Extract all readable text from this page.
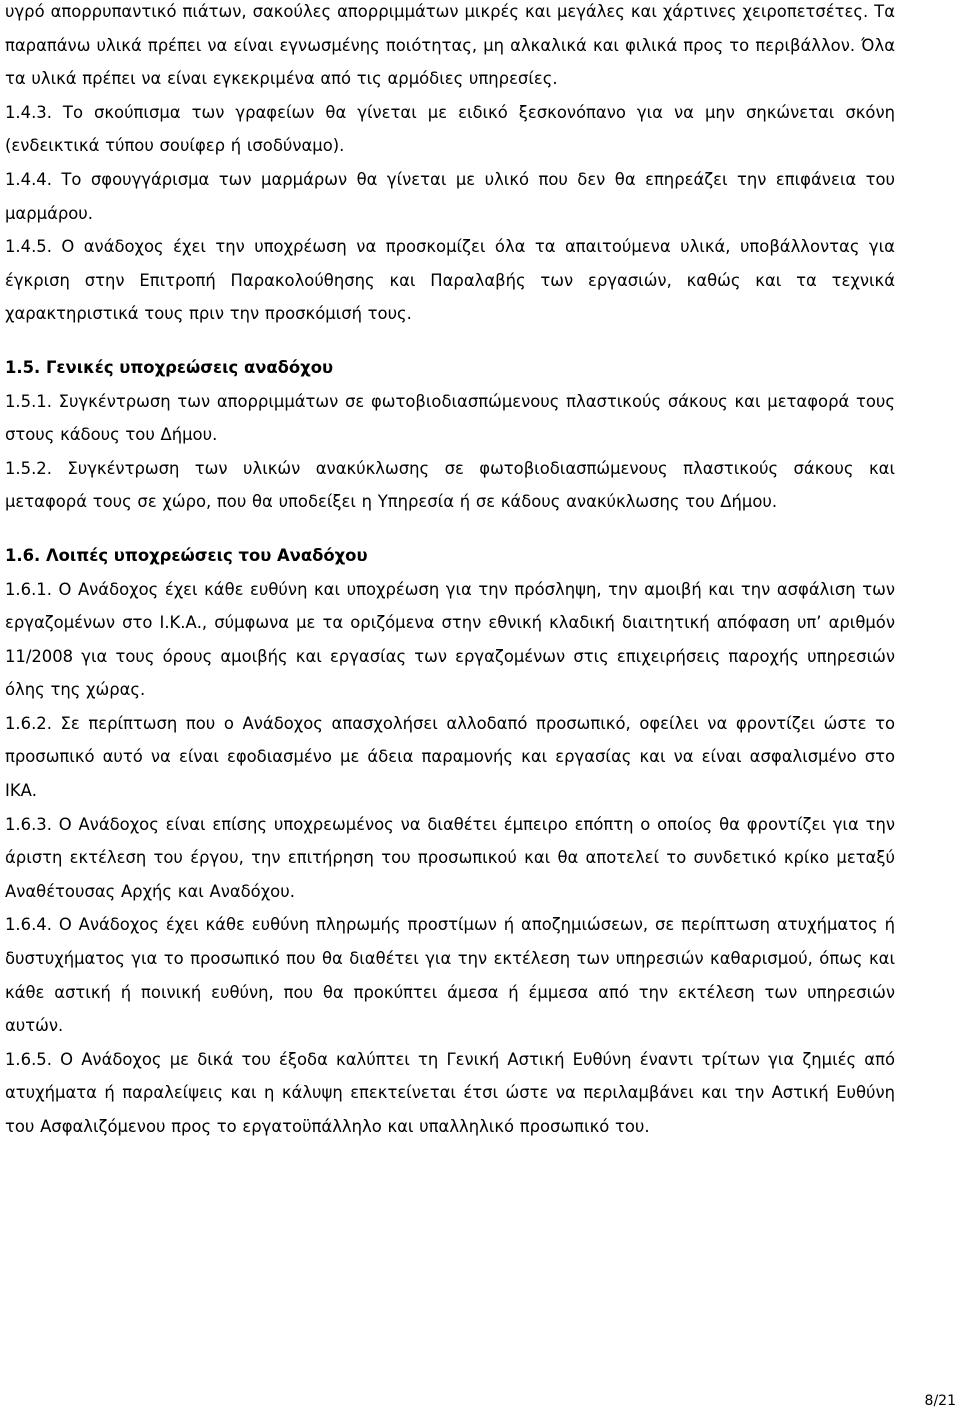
υγρό απορρυπαντικό πιάτων, σακούλες απορριμμάτων μικρές και μεγάλες και χάρτινες χειροπετσέτες. Τα παραπάνω υλικά πρέπει να είναι εγνωσμένης ποιότητας, μη αλκαλικά και φιλικά προς το περιβάλλον. Όλα τα υλικά πρέπει να είναι εγκεκριμένα από τις αρμόδιες υπηρεσίες.

1.4.3. Το σκούπισμα των γραφείων θα γίνεται με ειδικό ξεσκονόπανο για να μην σηκώνεται σκόνη (ενδεικτικά τύπου σουίφερ ή ισοδύναμο).

1.4.4. Το σφουγγάρισμα των μαρμάρων θα γίνεται με υλικό που δεν θα επηρεάζει την επιφάνεια του μαρμάρου.

1.4.5. Ο ανάδοχος έχει την υποχρέωση να προσκομίζει όλα τα απαιτούμενα υλικά, υποβάλλοντας για έγκριση στην Επιτροπή Παρακολούθησης και Παραλαβής των εργασιών, καθώς και τα τεχνικά χαρακτηριστικά τους πριν την προσκόμισή τους.

1.5. Γενικές υποχρεώσεις αναδόχου

1.5.1. Συγκέντρωση των απορριμμάτων σε φωτοβιοδιασπώμενους πλαστικούς σάκους και μεταφορά τους στους κάδους του Δήμου.

1.5.2. Συγκέντρωση των υλικών ανακύκλωσης σε φωτοβιοδιασπώμενους πλαστικούς σάκους και μεταφορά τους σε χώρο, που θα υποδείξει η Υπηρεσία ή σε κάδους ανακύκλωσης του Δήμου.

1.6. Λοιπές υποχρεώσεις του Αναδόχου

1.6.1. Ο Ανάδοχος έχει κάθε ευθύνη και υποχρέωση για την πρόσληψη, την αμοιβή και την ασφάλιση των εργαζομένων στο Ι.Κ.Α., σύμφωνα με τα οριζόμενα στην εθνική κλαδική διαιτητική απόφαση υπ’ αριθμόν 11/2008 για τους όρους αμοιβής και εργασίας των εργαζομένων στις επιχειρήσεις παροχής υπηρεσιών όλης της χώρας.

1.6.2. Σε περίπτωση που ο Ανάδοχος απασχολήσει αλλοδαπό προσωπικό, οφείλει να φροντίζει ώστε το προσωπικό αυτό να είναι εφοδιασμένο με άδεια παραμονής και εργασίας και να είναι ασφαλισμένο στο ΙΚΑ.

1.6.3. Ο Ανάδοχος είναι επίσης υποχρεωμένος να διαθέτει έμπειρο επόπτη ο οποίος θα φροντίζει για την άριστη εκτέλεση του έργου, την επιτήρηση του προσωπικού και θα αποτελεί το συνδετικό κρίκο μεταξύ Αναθέτουσας Αρχής και Αναδόχου.

1.6.4. Ο Ανάδοχος έχει κάθε ευθύνη πληρωμής προστίμων ή αποζημιώσεων, σε περίπτωση ατυχήματος ή δυστυχήματος για το προσωπικό που θα διαθέτει για την εκτέλεση των υπηρεσιών καθαρισμού, όπως και κάθε αστική ή ποινική ευθύνη, που θα προκύπτει άμεσα ή έμμεσα από την εκτέλεση των υπηρεσιών αυτών.

1.6.5. Ο Ανάδοχος με δικά του έξοδα καλύπτει τη Γενική Αστική Ευθύνη έναντι τρίτων για ζημιές από ατυχήματα ή παραλείψεις και η κάλυψη επεκτείνεται έτσι ώστε να περιλαμβάνει και την Αστική Ευθύνη του Ασφαλιζόμενου προς το εργατοϋπάλληλο και υπαλληλικό προσωπικό του.

8/21
